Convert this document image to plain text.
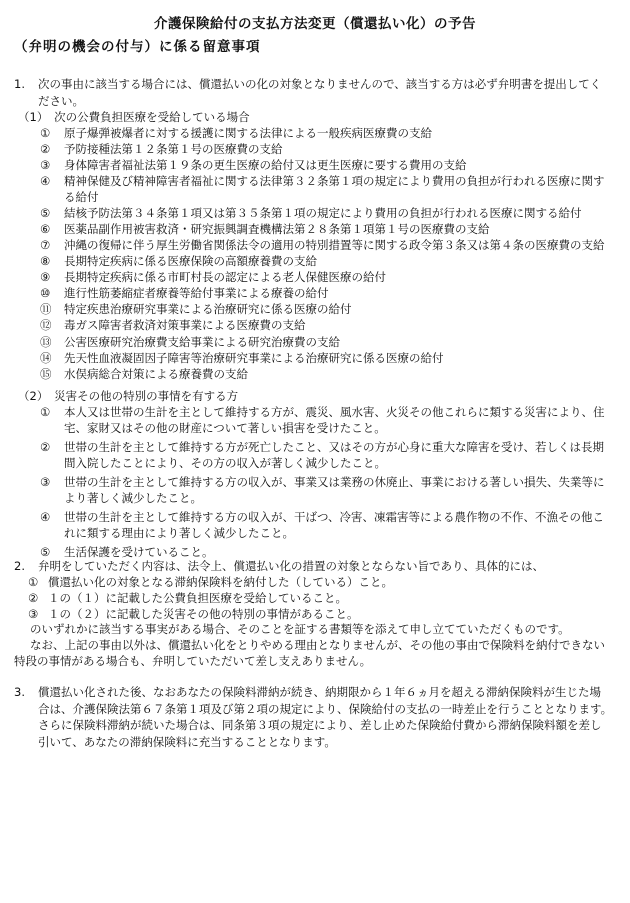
介護保険給付の支払方法変更（償還払い化）の予告
（弁明の機会の付与）に係る留意事項
1. 次の事由に該当する場合には、償還払いの化の対象となりませんので、該当する方は必ず弁明書を提出してく
ださい。
（1）　次の公費負担医療を受給している場合
① 原子爆弾被爆者に対する援護に関する法律による一般疾病医療費の支給
② 予防接種法第１２条第１号の医療費の支給
③ 身体障害者福祉法第１９条の更生医療の給付又は更生医療に要する費用の支給
④ 精神保健及び精神障害者福祉に関する法律第３２条第１項の規定により費用の負担が行われる医療に関す
る給付
⑤ 結核予防法第３４条第１項又は第３５条第１項の規定により費用の負担が行われる医療に関する給付
⑥ 医薬品副作用被害救済・研究振興調査機構法第２８条第１項第１号の医療費の支給
⑦ 沖縄の復帰に伴う厚生労働省関係法令の適用の特別措置等に関する政令第３条又は第４条の医療費の支給
⑧ 長期特定疾病に係る医療保険の高額療養費の支給
⑨ 長期特定疾病に係る市町村長の認定による老人保健医療の給付
⑩ 進行性筋萎縮症者療養等給付事業による療養の給付
⑪ 特定疾患治療研究事業による治療研究に係る医療の給付
⑫ 毒ガス障害者救済対策事業による医療費の支給
⑬ 公害医療研究治療費支給事業による研究治療費の支給
⑭ 先天性血液凝固因子障害等治療研究事業による治療研究に係る医療の給付
⑮ 水俣病総合対策による療養費の支給
（2）　災害その他の特別の事情を有する方
① 本人又は世帯の生計を主として維持する方が、震災、風水害、火災その他これらに類する災害により、住
宅、家財又はその他の財産について著しい損害を受けたこと。
② 世帯の生計を主として維持する方が死亡したこと、又はその方が心身に重大な障害を受け、若しくは長期
間入院したことにより、その方の収入が著しく減少したこと。
③ 世帯の生計を主として維持する方の収入が、事業又は業務の休廃止、事業における著しい損失、失業等に
より著しく減少したこと。
④ 世帯の生計を主として維持する方の収入が、干ばつ、冷害、凍霜害等による農作物の不作、不漁その他こ
れに類する理由により著しく減少したこと。
⑤ 生活保護を受けていること。
2. 弁明をしていただく内容は、法令上、償還払い化の措置の対象とならない旨であり、具体的には、
① 償還払い化の対象となる滞納保険料を納付した（している）こと。
② １の（１）に記載した公費負担医療を受給していること。
③ １の（２）に記載した災害その他の特別の事情があること。
のいずれかに該当する事実がある場合、そのことを証する書類等を添えて申し立てていただくものです。
なお、上記の事由以外は、償還払い化をとりやめる理由となりませんが、その他の事由で保険料を納付できない
特段の事情がある場合も、弁明していただいて差し支えありません。
3. 償還払い化された後、なおあなたの保険料滞納が続き、納期限から１年６ヵ月を超える滞納保険料が生じた場
合は、介護保険法第６７条第１項及び第２項の規定により、保険給付の支払の一時差止を行うこととなります。
さらに保険料滞納が続いた場合は、同条第３項の規定により、差し止めた保険給付費から滞納保険料額を差し
引いて、あなたの滞納保険料に充当することとなります。
